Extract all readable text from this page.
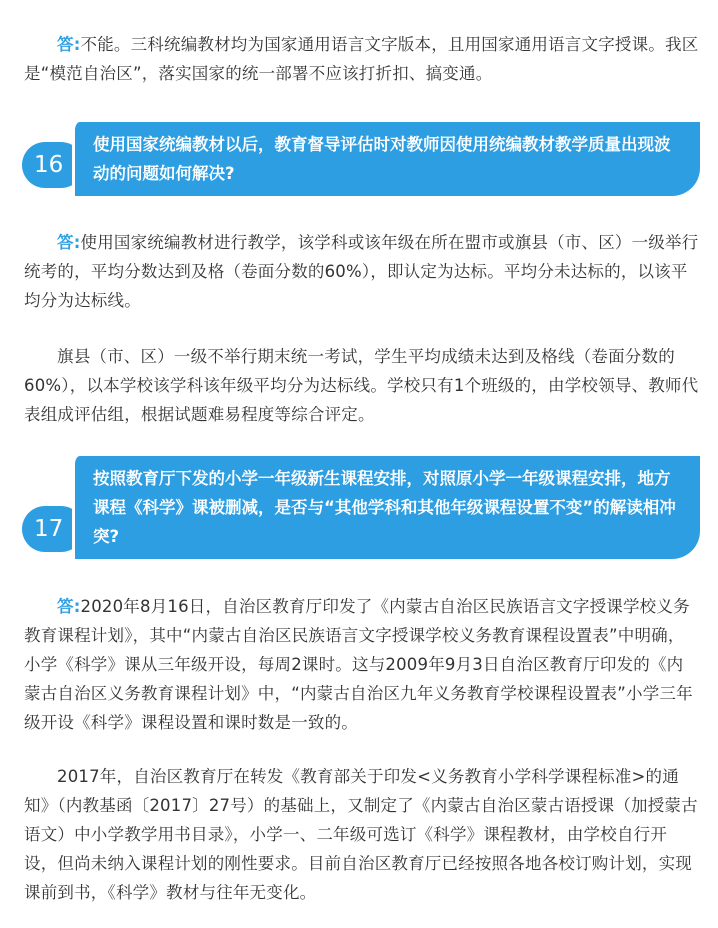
答:不能。三科统编教材均为国家通用语言文字版本，且用国家通用语言文字授课。我区是“模范自治区”，落实国家的统一部署不应该打折扣、搞变通。

16
使用国家统编教材以后，教育督导评估时对教师因使用统编教材教学质量出现波动的问题如何解决?

答:使用国家统编教材进行教学，该学科或该年级在所在盟市或旗县（市、区）一级举行统考的，平均分数达到及格（卷面分数的60%），即认定为达标。平均分未达标的，以该平均分为达标线。

旗县（市、区）一级不举行期末统一考试，学生平均成绩未达到及格线（卷面分数的60%），以本学校该学科该年级平均分为达标线。学校只有1个班级的，由学校领导、教师代表组成评估组，根据试题难易程度等综合评定。

17
按照教育厅下发的小学一年级新生课程安排，对照原小学一年级课程安排，地方课程《科学》课被删减，是否与“其他学科和其他年级课程设置不变”的解读相冲突?

答:2020年8月16日，自治区教育厅印发了《内蒙古自治区民族语言文字授课学校义务教育课程计划》，其中“内蒙古自治区民族语言文字授课学校义务教育课程设置表”中明确，小学《科学》课从三年级开设，每周2课时。这与2009年9月3日自治区教育厅印发的《内蒙古自治区义务教育课程计划》中，“内蒙古自治区九年义务教育学校课程设置表”小学三年级开设《科学》课程设置和课时数是一致的。

2017年，自治区教育厅在转发《教育部关于印发<义务教育小学科学课程标准>的通知》（内教基函〔2017〕27号）的基础上，又制定了《内蒙古自治区蒙古语授课（加授蒙古语文）中小学教学用书目录》，小学一、二年级可选订《科学》课程教材，由学校自行开设，但尚未纳入课程计划的刚性要求。目前自治区教育厅已经按照各地各校订购计划，实现课前到书，《科学》教材与往年无变化。
